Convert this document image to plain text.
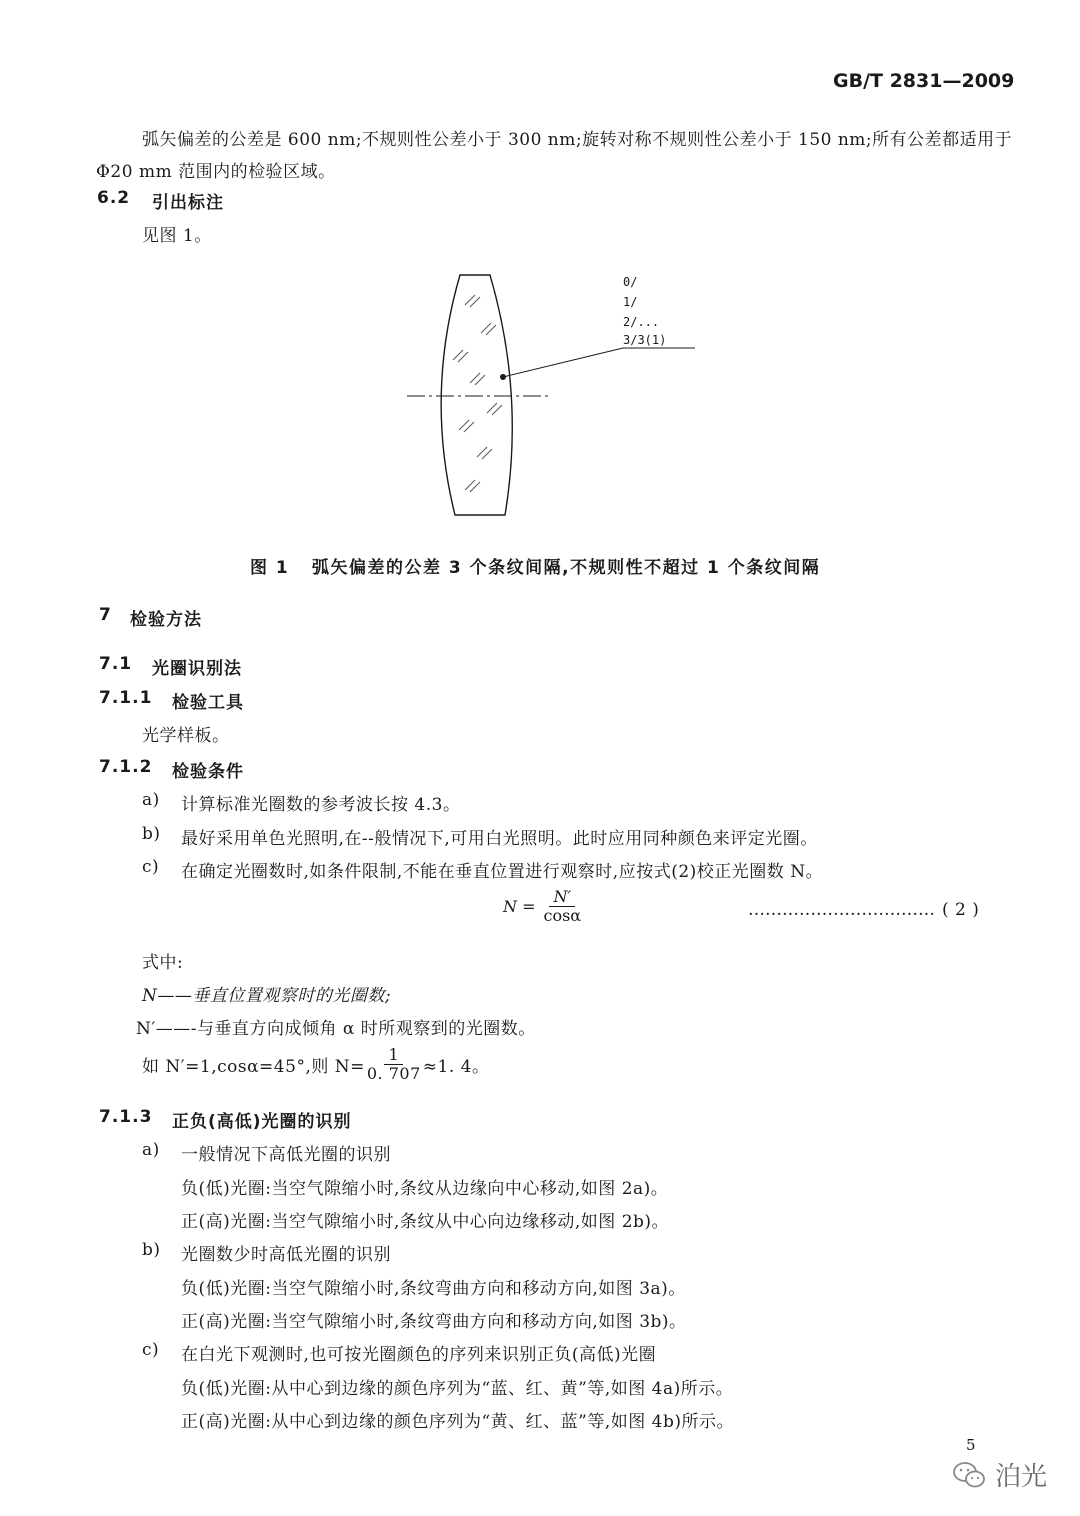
GB/T 2831—2009
弧矢偏差的公差是 600 nm;不规则性公差小于 300 nm;旋转对称不规则性公差小于 150 nm;所有公差都适用于
Φ20 mm 范围内的检验区域。
6.2 引出标注
见图 1。
0/
1/
2/...
3/3(1)
图 1 弧矢偏差的公差 3 个条纹间隔,不规则性不超过 1 个条纹间隔
7 检验方法
7.1 光圈识别法
7.1.1 检验工具
光学样板。
7.1.2 检验条件
a) 计算标准光圈数的参考波长按 4.3。
b) 最好采用单色光照明,在--般情况下,可用白光照明。此时应用同种颜色来评定光圈。
c) 在确定光圈数时,如条件限制,不能在垂直位置进行观察时,应按式(2)校正光圈数 N。
$N = \frac{N'}{\cos\alpha}$	…………………………… ( 2 )
式中:
N——垂直位置观察时的光圈数;
N′——-与垂直方向成倾角 α 时所观察到的光圈数。
如 N′=1,cosα=45°,则 $N= \frac{1}{0. 707} \approx 1$. 4。
7.1.3 正负(高低)光圈的识别
a) 一般情况下高低光圈的识别
负(低)光圈:当空气隙缩小时,条纹从边缘向中心移动,如图 2a)。
正(高)光圈:当空气隙缩小时,条纹从中心向边缘移动,如图 2b)。
b) 光圈数少时高低光圈的识别
负(低)光圈:当空气隙缩小时,条纹弯曲方向和移动方向,如图 3a)。
正(高)光圈:当空气隙缩小时,条纹弯曲方向和移动方向,如图 3b)。
c) 在白光下观测时,也可按光圈颜色的序列来识别正负(高低)光圈
负(低)光圈:从中心到边缘的颜色序列为“蓝、红、黄”等,如图 4a)所示。
正(高)光圈:从中心到边缘的颜色序列为“黄、红、蓝”等,如图 4b)所示。
5
泊光
